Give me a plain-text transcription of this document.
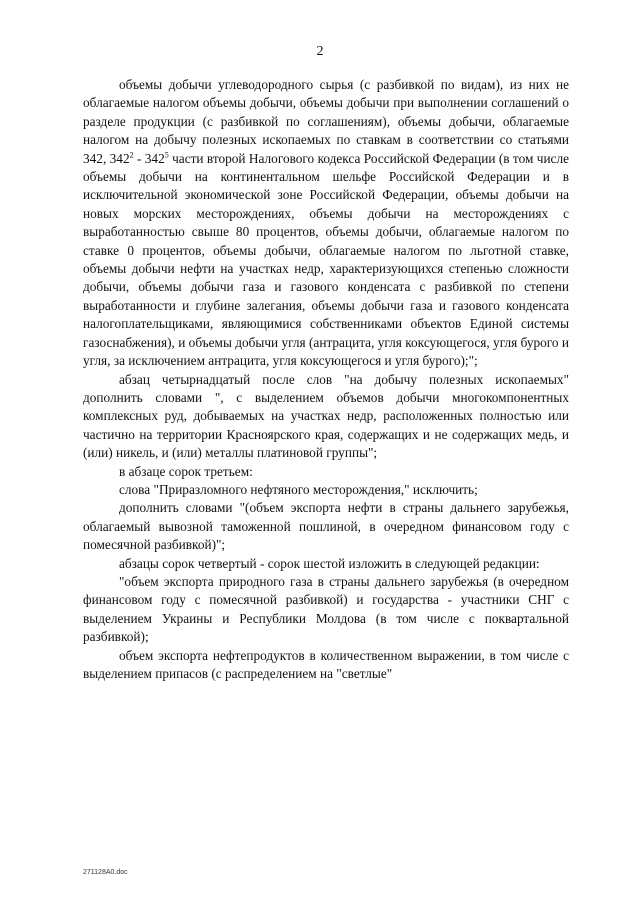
2

объемы добычи углеводородного сырья (с разбивкой по видам), из них не облагаемые налогом объемы добычи, объемы добычи при выполнении соглашений о разделе продукции (с разбивкой по соглашениям), объемы добычи, облагаемые налогом на добычу полезных ископаемых по ставкам в соответствии со статьями 342, $342^2 - 342^5$ части второй Налогового кодекса Российской Федерации (в том числе объемы добычи на континентальном шельфе Российской Федерации и в исключительной экономической зоне Российской Федерации, объемы добычи на новых морских месторождениях, объемы добычи на месторождениях с выработанностью свыше 80 процентов, объемы добычи, облагаемые налогом по ставке 0 процентов, объемы добычи, облагаемые налогом по льготной ставке, объемы добычи нефти на участках недр, характеризующихся степенью сложности добычи, объемы добычи газа и газового конденсата с разбивкой по степени выработанности и глубине залегания, объемы добычи газа и газового конденсата налогоплательщиками, являющимися собственниками объектов Единой системы газоснабжения), и объемы добычи угля (антрацита, угля коксующегося, угля бурого и угля, за исключением антрацита, угля коксующегося и угля бурого);";

абзац четырнадцатый после слов "на добычу полезных ископаемых" дополнить словами ", с выделением объемов добычи многокомпонентных комплексных руд, добываемых на участках недр, расположенных полностью или частично на территории Красноярского края, содержащих и не содержащих медь, и (или) никель, и (или) металлы платиновой группы";

в абзаце сорок третьем:

слова "Приразломного нефтяного месторождения," исключить;

дополнить словами "(объем экспорта нефти в страны дальнего зарубежья, облагаемый вывозной таможенной пошлиной, в очередном финансовом году с помесячной разбивкой)";

абзацы сорок четвертый - сорок шестой изложить в следующей редакции:

"объем экспорта природного газа в страны дальнего зарубежья (в очередном финансовом году с помесячной разбивкой) и государства - участники СНГ с выделением Украины и Республики Молдова (в том числе с поквартальной разбивкой);

объем экспорта нефтепродуктов в количественном выражении, в том числе с выделением припасов (с распределением на "светлые"

271128A0.doc
